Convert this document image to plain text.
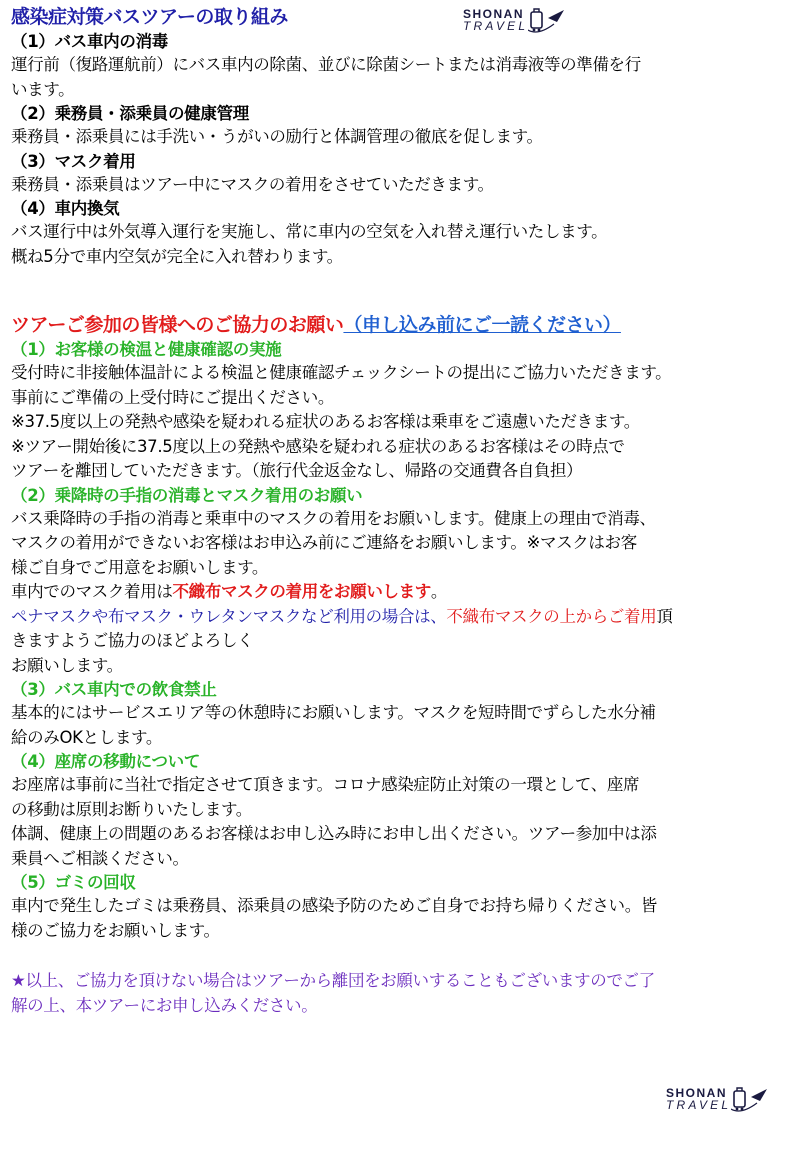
SHONAN
TRAVEL
感染症対策バスツアーの取り組み
（1）バス車内の消毒
運行前（復路運航前）にバス車内の除菌、並びに除菌シートまたは消毒液等の準備を行
います。
（2）乗務員・添乗員の健康管理
乗務員・添乗員には手洗い・うがいの励行と体調管理の徹底を促します。
（3）マスク着用
乗務員・添乗員はツアー中にマスクの着用をさせていただきます。
（4）車内換気
バス運行中は外気導入運行を実施し、常に車内の空気を入れ替え運行いたします。
概ね5分で車内空気が完全に入れ替わります。
ツアーご参加の皆様へのご協力のお願い（申し込み前にご一読ください）
（1）お客様の検温と健康確認の実施
受付時に非接触体温計による検温と健康確認チェックシートの提出にご協力いただきます。
事前にご準備の上受付時にご提出ください。
※37.5度以上の発熱や感染を疑われる症状のあるお客様は乗車をご遠慮いただきます。
※ツアー開始後に37.5度以上の発熱や感染を疑われる症状のあるお客様はその時点で
ツアーを離団していただきます。（旅行代金返金なし、帰路の交通費各自負担）
（2）乗降時の手指の消毒とマスク着用のお願い
バス乗降時の手指の消毒と乗車中のマスクの着用をお願いします。健康上の理由で消毒、
マスクの着用ができないお客様はお申込み前にご連絡をお願いします。※マスクはお客
様ご自身でご用意をお願いします。
車内でのマスク着用は不織布マスクの着用をお願いします。
ペナマスクや布マスク・ウレタンマスクなど利用の場合は、不織布マスクの上からご着用頂
きますようご協力のほどよろしく
お願いします。
（3）バス車内での飲食禁止
基本的にはサービスエリア等の休憩時にお願いします。マスクを短時間でずらした水分補
給のみOKとします。
（4）座席の移動について
お座席は事前に当社で指定させて頂きます。コロナ感染症防止対策の一環として、座席
の移動は原則お断りいたします。
体調、健康上の問題のあるお客様はお申し込み時にお申し出ください。ツアー参加中は添
乗員へご相談ください。
（5）ゴミの回収
車内で発生したゴミは乗務員、添乗員の感染予防のためご自身でお持ち帰りください。皆
様のご協力をお願いします。
★以上、ご協力を頂けない場合はツアーから離団をお願いすることもございますのでご了
解の上、本ツアーにお申し込みください。
SHONAN
TRAVEL
